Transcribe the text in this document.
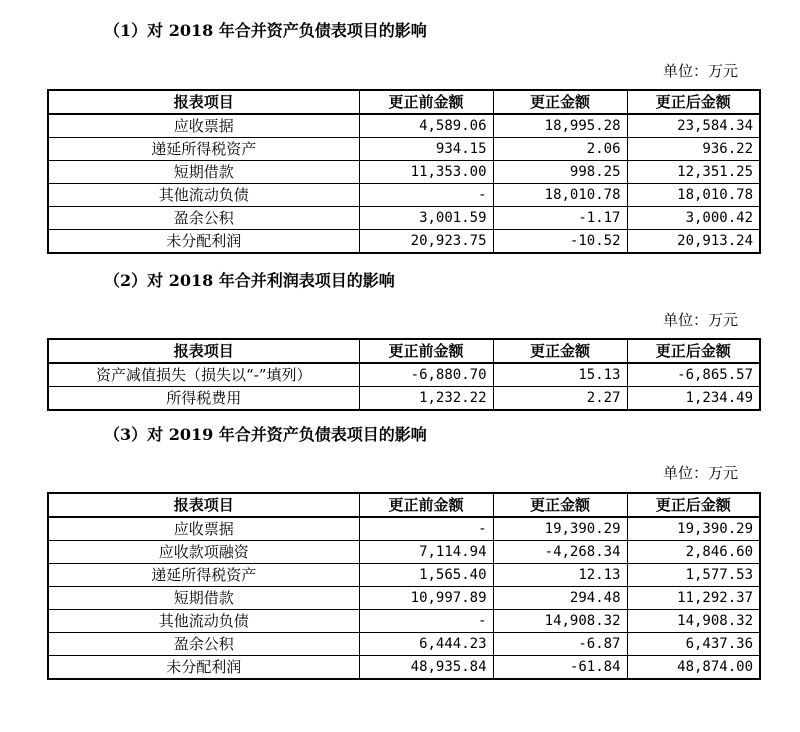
（1）对 2018 年合并资产负债表项目的影响
单位：万元
报表项目	更正前金额	更正金额	更正后金额
应收票据	4,589.06	18,995.28	23,584.34
递延所得税资产	934.15	2.06	936.22
短期借款	11,353.00	998.25	12,351.25
其他流动负债	-	18,010.78	18,010.78
盈余公积	3,001.59	-1.17	3,000.42
未分配利润	20,923.75	-10.52	20,913.24
（2）对 2018 年合并利润表项目的影响
单位：万元
报表项目	更正前金额	更正金额	更正后金额
资产减值损失（损失以“-”填列）	-6,880.70	15.13	-6,865.57
所得税费用	1,232.22	2.27	1,234.49
（3）对 2019 年合并资产负债表项目的影响
单位：万元
报表项目	更正前金额	更正金额	更正后金额
应收票据	-	19,390.29	19,390.29
应收款项融资	7,114.94	-4,268.34	2,846.60
递延所得税资产	1,565.40	12.13	1,577.53
短期借款	10,997.89	294.48	11,292.37
其他流动负债	-	14,908.32	14,908.32
盈余公积	6,444.23	-6.87	6,437.36
未分配利润	48,935.84	-61.84	48,874.00
